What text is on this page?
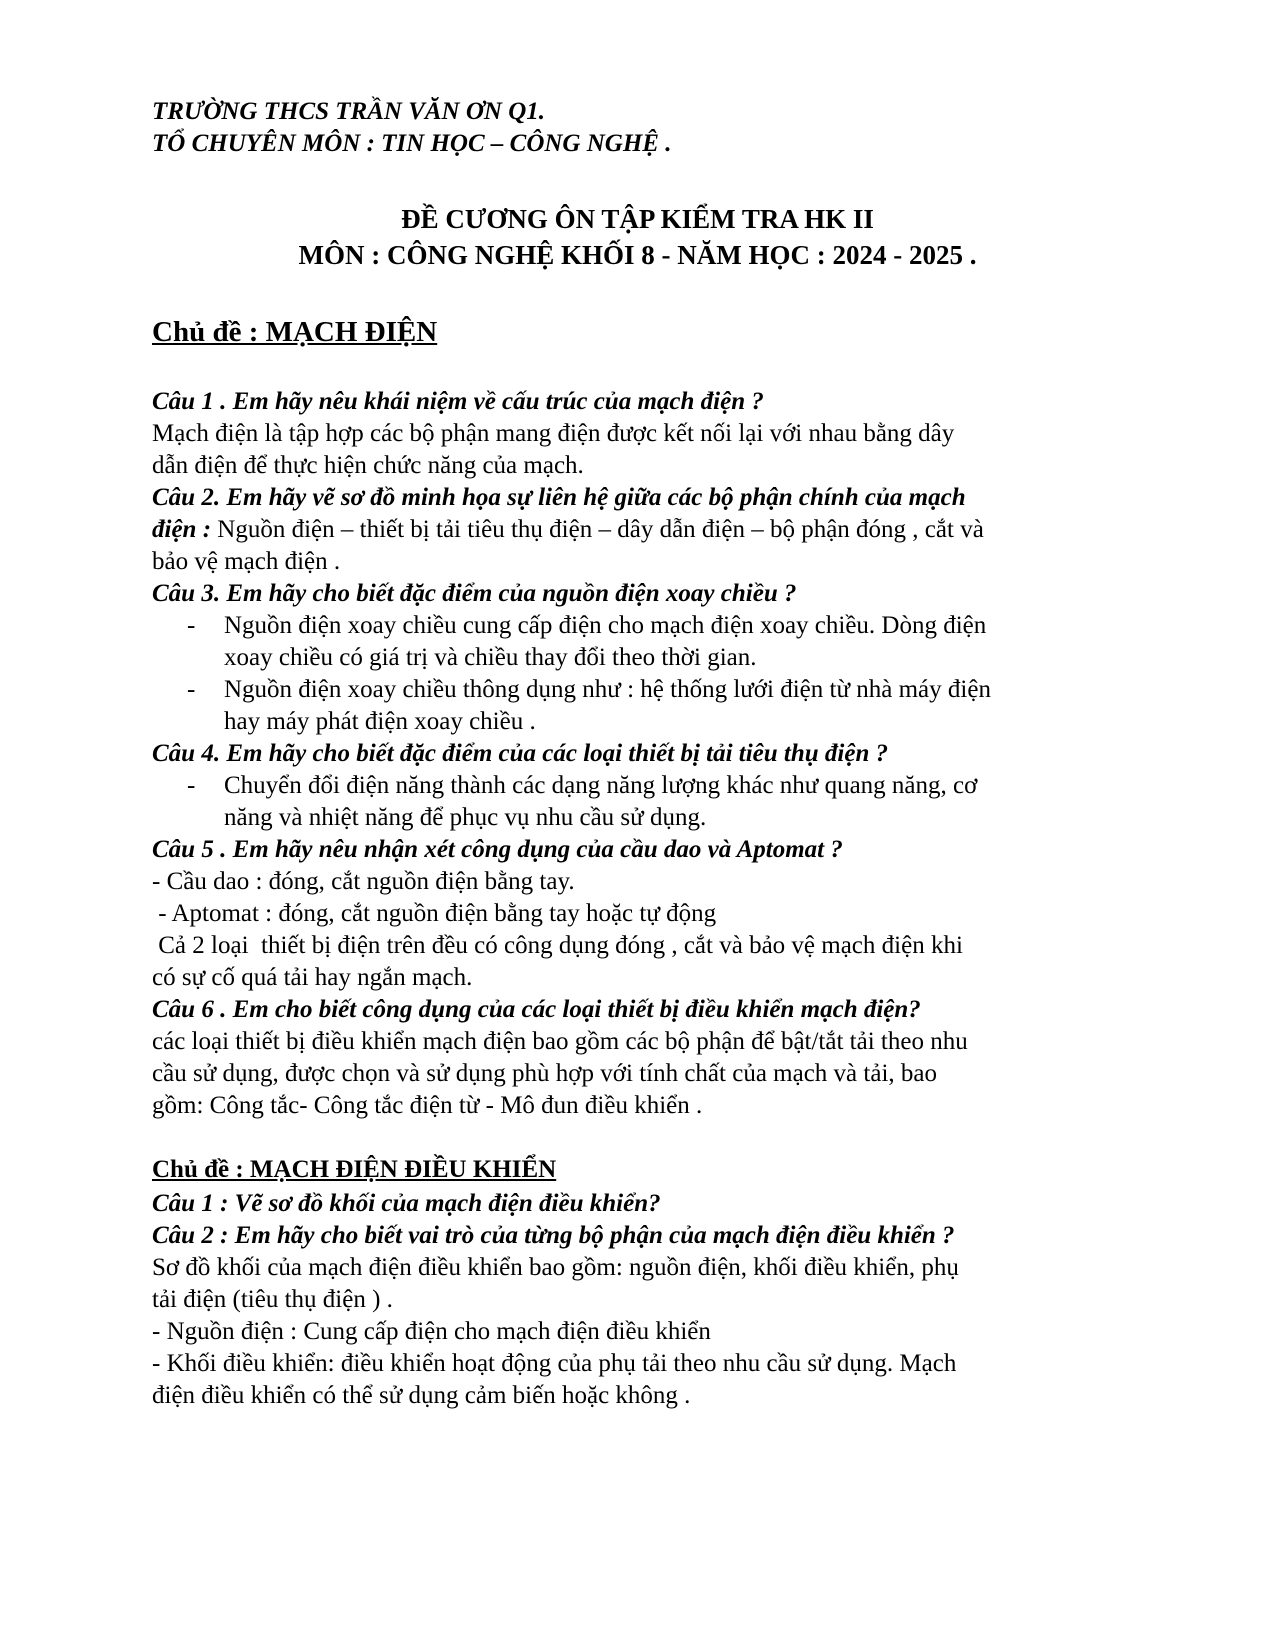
TRƯỜNG THCS TRẦN VĂN ƠN Q1.
TỔ CHUYÊN MÔN : TIN HỌC – CÔNG NGHỆ .
ĐỀ CƯƠNG ÔN TẬP KIỂM TRA HK II
MÔN : CÔNG NGHỆ KHỐI 8 - NĂM HỌC : 2024 - 2025 .
Chủ đề : MẠCH ĐIỆN
Câu 1 . Em hãy nêu khái niệm về cấu trúc của mạch điện ?
Mạch điện là tập hợp các bộ phận mang điện được kết nối lại với nhau bằng dây
dẫn điện để thực hiện chức năng của mạch.
Câu 2. Em hãy vẽ sơ đồ minh họa sự liên hệ giữa các bộ phận chính của mạch
điện : Nguồn điện – thiết bị tải tiêu thụ điện – dây dẫn điện – bộ phận đóng , cắt và
bảo vệ mạch điện .
Câu 3. Em hãy cho biết đặc điểm của nguồn điện xoay chiều ?
- Nguồn điện xoay chiều cung cấp điện cho mạch điện xoay chiều. Dòng điện
xoay chiều có giá trị và chiều thay đổi theo thời gian.
- Nguồn điện xoay chiều thông dụng như : hệ thống lưới điện từ nhà máy điện
hay máy phát điện xoay chiều .
Câu 4. Em hãy cho biết đặc điểm của các loại thiết bị tải tiêu thụ điện ?
- Chuyển đổi điện năng thành các dạng năng lượng khác như quang năng, cơ
năng và nhiệt năng để phục vụ nhu cầu sử dụng.
Câu 5 . Em hãy nêu nhận xét công dụng của cầu dao và Aptomat ?
- Cầu dao : đóng, cắt nguồn điện bằng tay.
- Aptomat : đóng, cắt nguồn điện bằng tay hoặc tự động
Cả 2 loại  thiết bị điện trên đều có công dụng đóng , cắt và bảo vệ mạch điện khi
có sự cố quá tải hay ngắn mạch.
Câu 6 . Em cho biết công dụng của các loại thiết bị điều khiển mạch điện?
các loại thiết bị điều khiển mạch điện bao gồm các bộ phận để bật/tắt tải theo nhu
cầu sử dụng, được chọn và sử dụng phù hợp với tính chất của mạch và tải, bao
gồm: Công tắc- Công tắc điện từ - Mô đun điều khiển .
Chủ đề : MẠCH ĐIỆN ĐIỀU KHIỂN
Câu 1 : Vẽ sơ đồ khối của mạch điện điều khiển?
Câu 2 : Em hãy cho biết vai trò của từng bộ phận của mạch điện điều khiển ?
Sơ đồ khối của mạch điện điều khiển bao gồm: nguồn điện, khối điều khiển, phụ
tải điện (tiêu thụ điện ) .
- Nguồn điện : Cung cấp điện cho mạch điện điều khiển
- Khối điều khiển: điều khiển hoạt động của phụ tải theo nhu cầu sử dụng. Mạch
điện điều khiển có thể sử dụng cảm biến hoặc không .
